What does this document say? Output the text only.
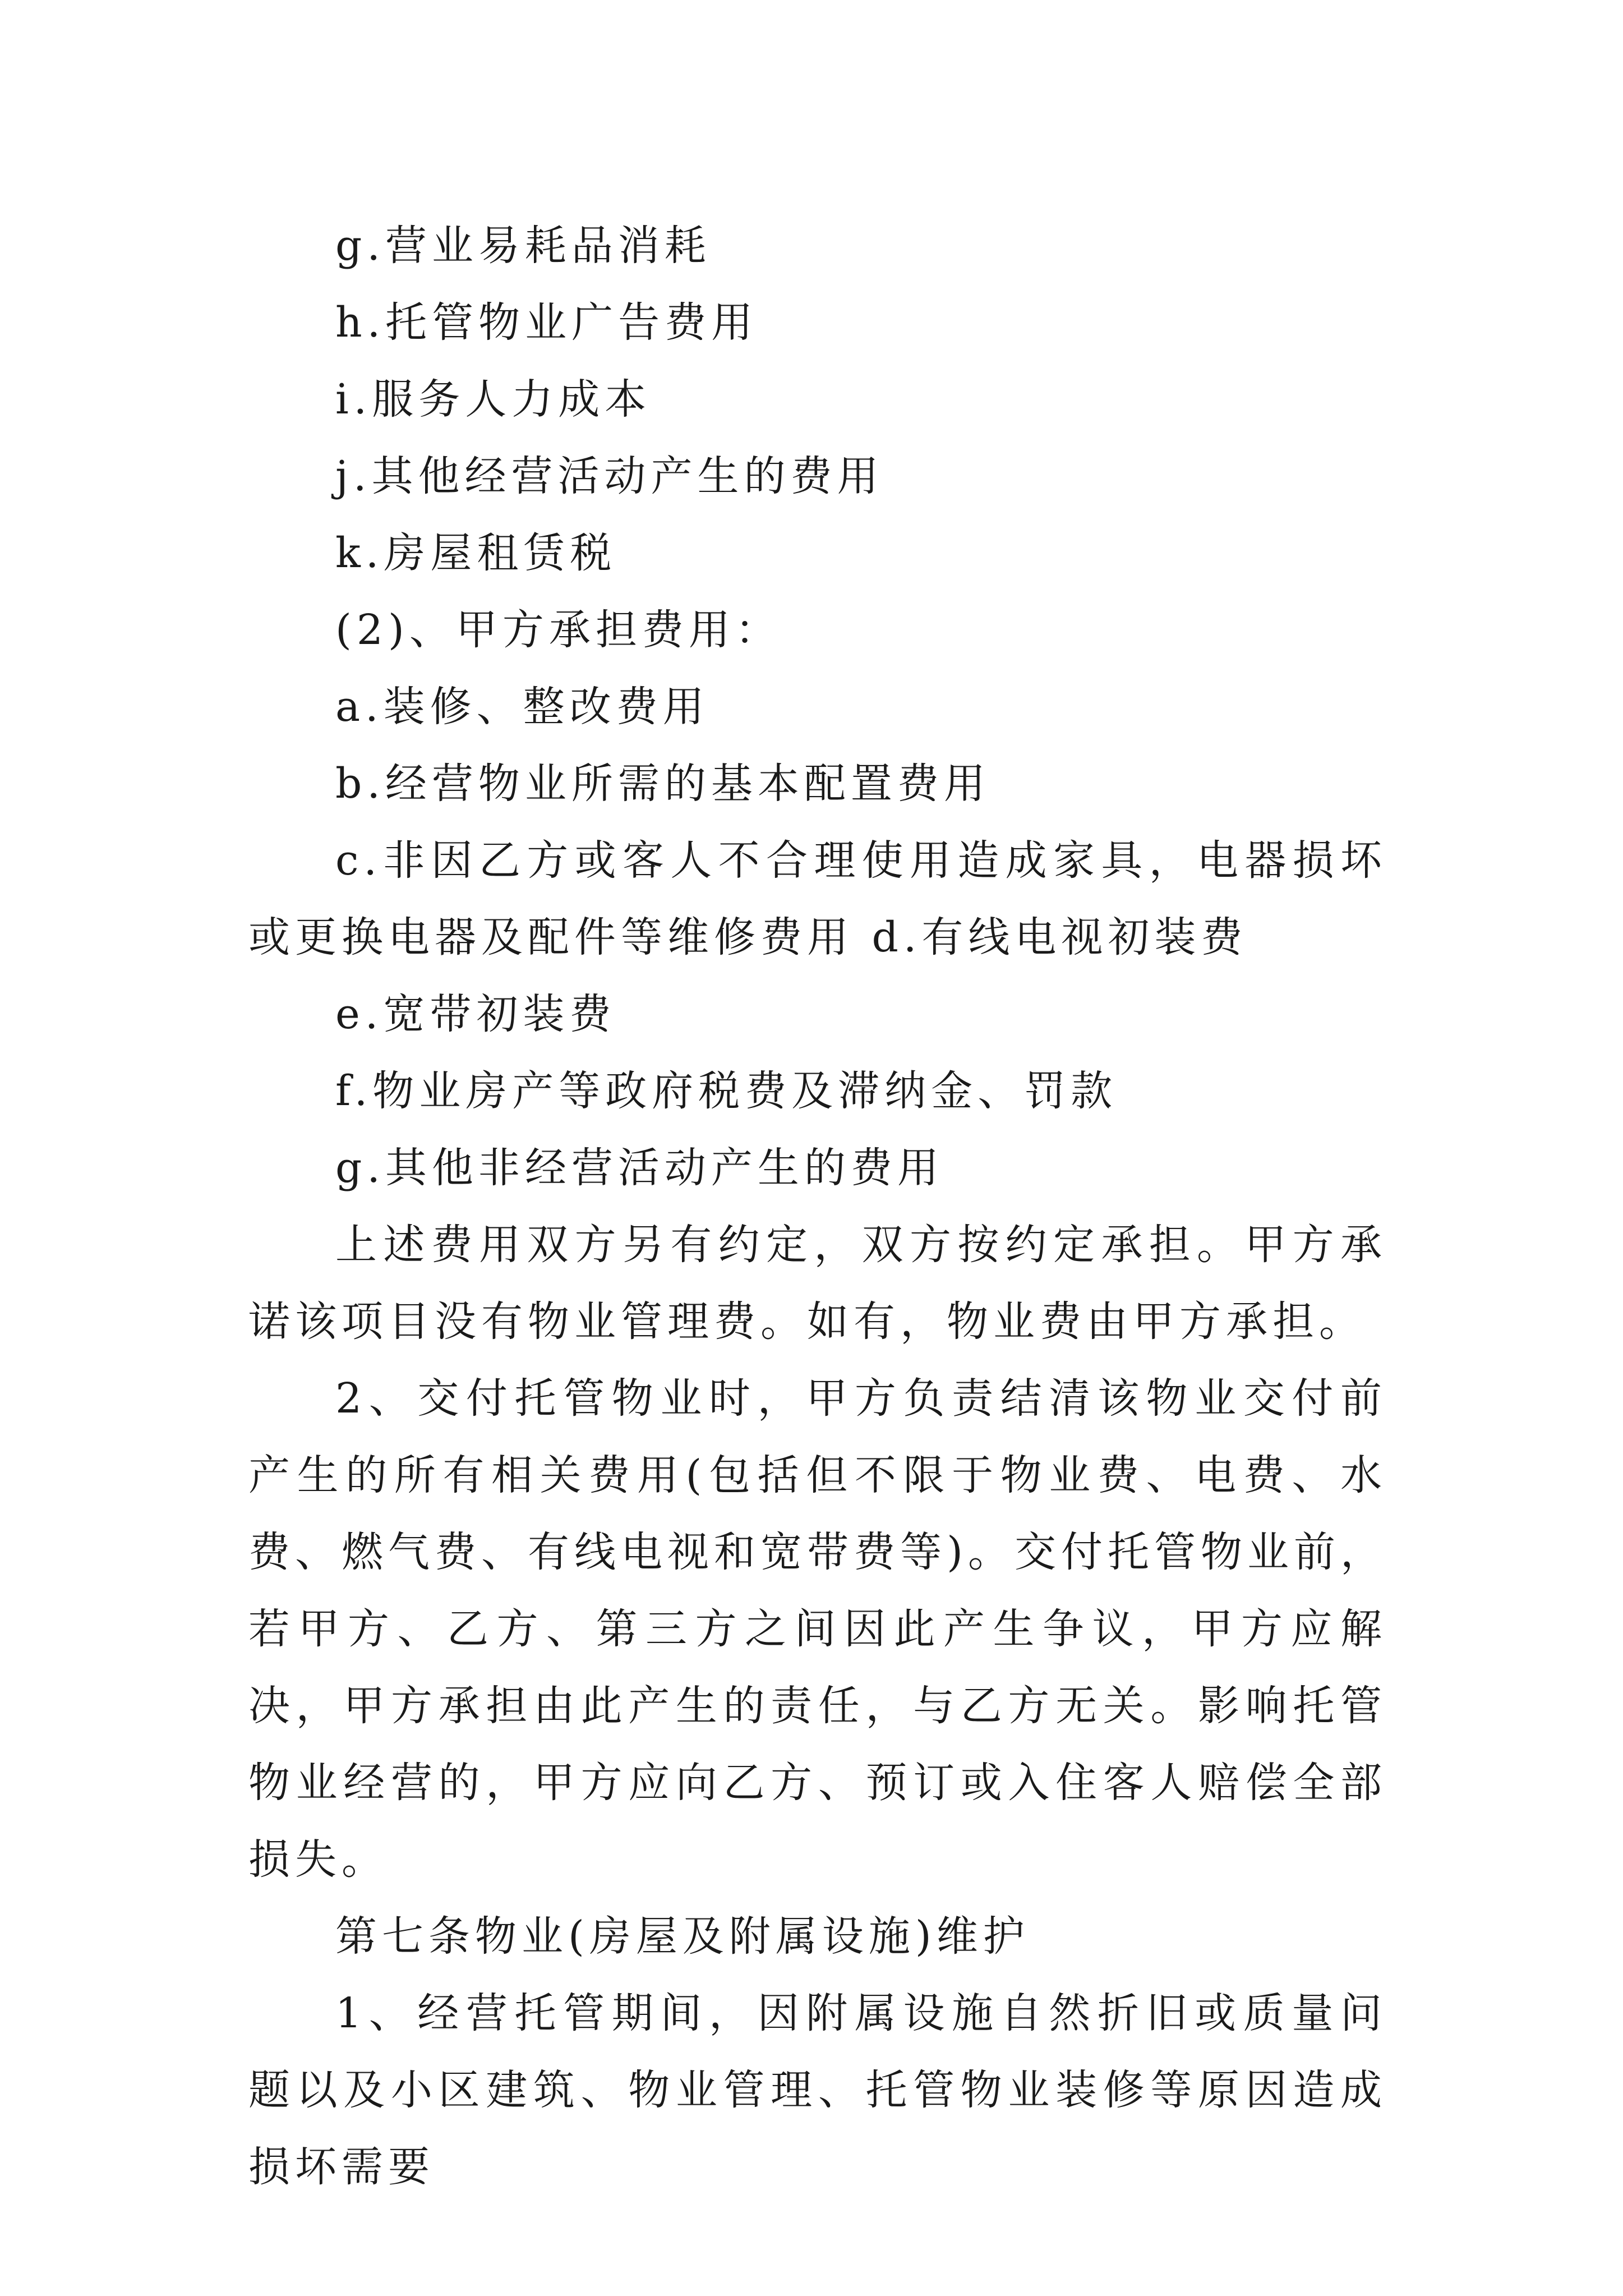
g.营业易耗品消耗

h.托管物业广告费用

i.服务人力成本

j.其他经营活动产生的费用

k.房屋租赁税

(2)、甲方承担费用：

a.装修、整改费用

b.经营物业所需的基本配置费用

c.非因乙方或客人不合理使用造成家具，电器损坏或更换电器及配件等维修费用 d.有线电视初装费

e.宽带初装费

f.物业房产等政府税费及滞纳金、罚款

g.其他非经营活动产生的费用

上述费用双方另有约定，双方按约定承担。甲方承诺该项目没有物业管理费。如有，物业费由甲方承担。

2、交付托管物业时，甲方负责结清该物业交付前产生的所有相关费用(包括但不限于物业费、电费、水费、燃气费、有线电视和宽带费等)。交付托管物业前，若甲方、乙方、第三方之间因此产生争议，甲方应解决，甲方承担由此产生的责任，与乙方无关。影响托管物业经营的，甲方应向乙方、预订或入住客人赔偿全部损失。

第七条物业(房屋及附属设施)维护

1、经营托管期间，因附属设施自然折旧或质量问题以及小区建筑、物业管理、托管物业装修等原因造成损坏需要
